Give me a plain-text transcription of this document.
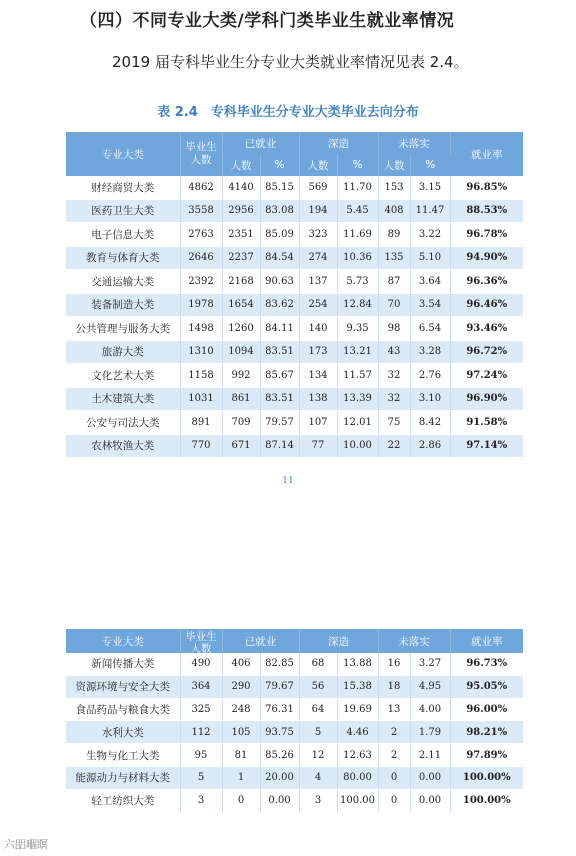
（四）不同专业大类/学科门类毕业生就业率情况
2019 届专科毕业生分专业大类就业率情况见表 2.4。
表 2.4　专科毕业生分专业大类毕业去向分布
专业大类	毕业生人数	已就业		深造		未落实		就业率
		人数	%	人数	%	人数	%	
财经商贸大类	4862	4140	85.15	569	11.70	153	3.15	96.85%
医药卫生大类	3558	2956	83.08	194	5.45	408	11.47	88.53%
电子信息大类	2763	2351	85.09	323	11.69	89	3.22	96.78%
教育与体育大类	2646	2237	84.54	274	10.36	135	5.10	94.90%
交通运输大类	2392	2168	90.63	137	5.73	87	3.64	96.36%
装备制造大类	1978	1654	83.62	254	12.84	70	3.54	96.46%
公共管理与服务大类	1498	1260	84.11	140	9.35	98	6.54	93.46%
旅游大类	1310	1094	83.51	173	13.21	43	3.28	96.72%
文化艺术大类	1158	992	85.67	134	11.57	32	2.76	97.24%
土木建筑大类	1031	861	83.51	138	13.39	32	3.10	96.90%
公安与司法大类	891	709	79.57	107	12.01	75	8.42	91.58%
农林牧渔大类	770	671	87.14	77	10.00	22	2.86	97.14%
11
专业大类	毕业生人数	已就业		深造		未落实		就业率
新闻传播大类	490	406	82.85	68	13.88	16	3.27	96.73%
资源环境与安全大类	364	290	79.67	56	15.38	18	4.95	95.05%
食品药品与粮食大类	325	248	76.31	64	19.69	13	4.00	96.00%
水利大类	112	105	93.75	5	4.46	2	1.79	98.21%
生物与化工大类	95	81	85.26	12	12.63	2	2.11	97.89%
能源动力与材料大类	5	1	20.00	4	80.00	0	0.00	100.00%
轻工纺织大类	3	0	0.00	3	100.00	0	0.00	100.00%
六㗊嗰瞑
